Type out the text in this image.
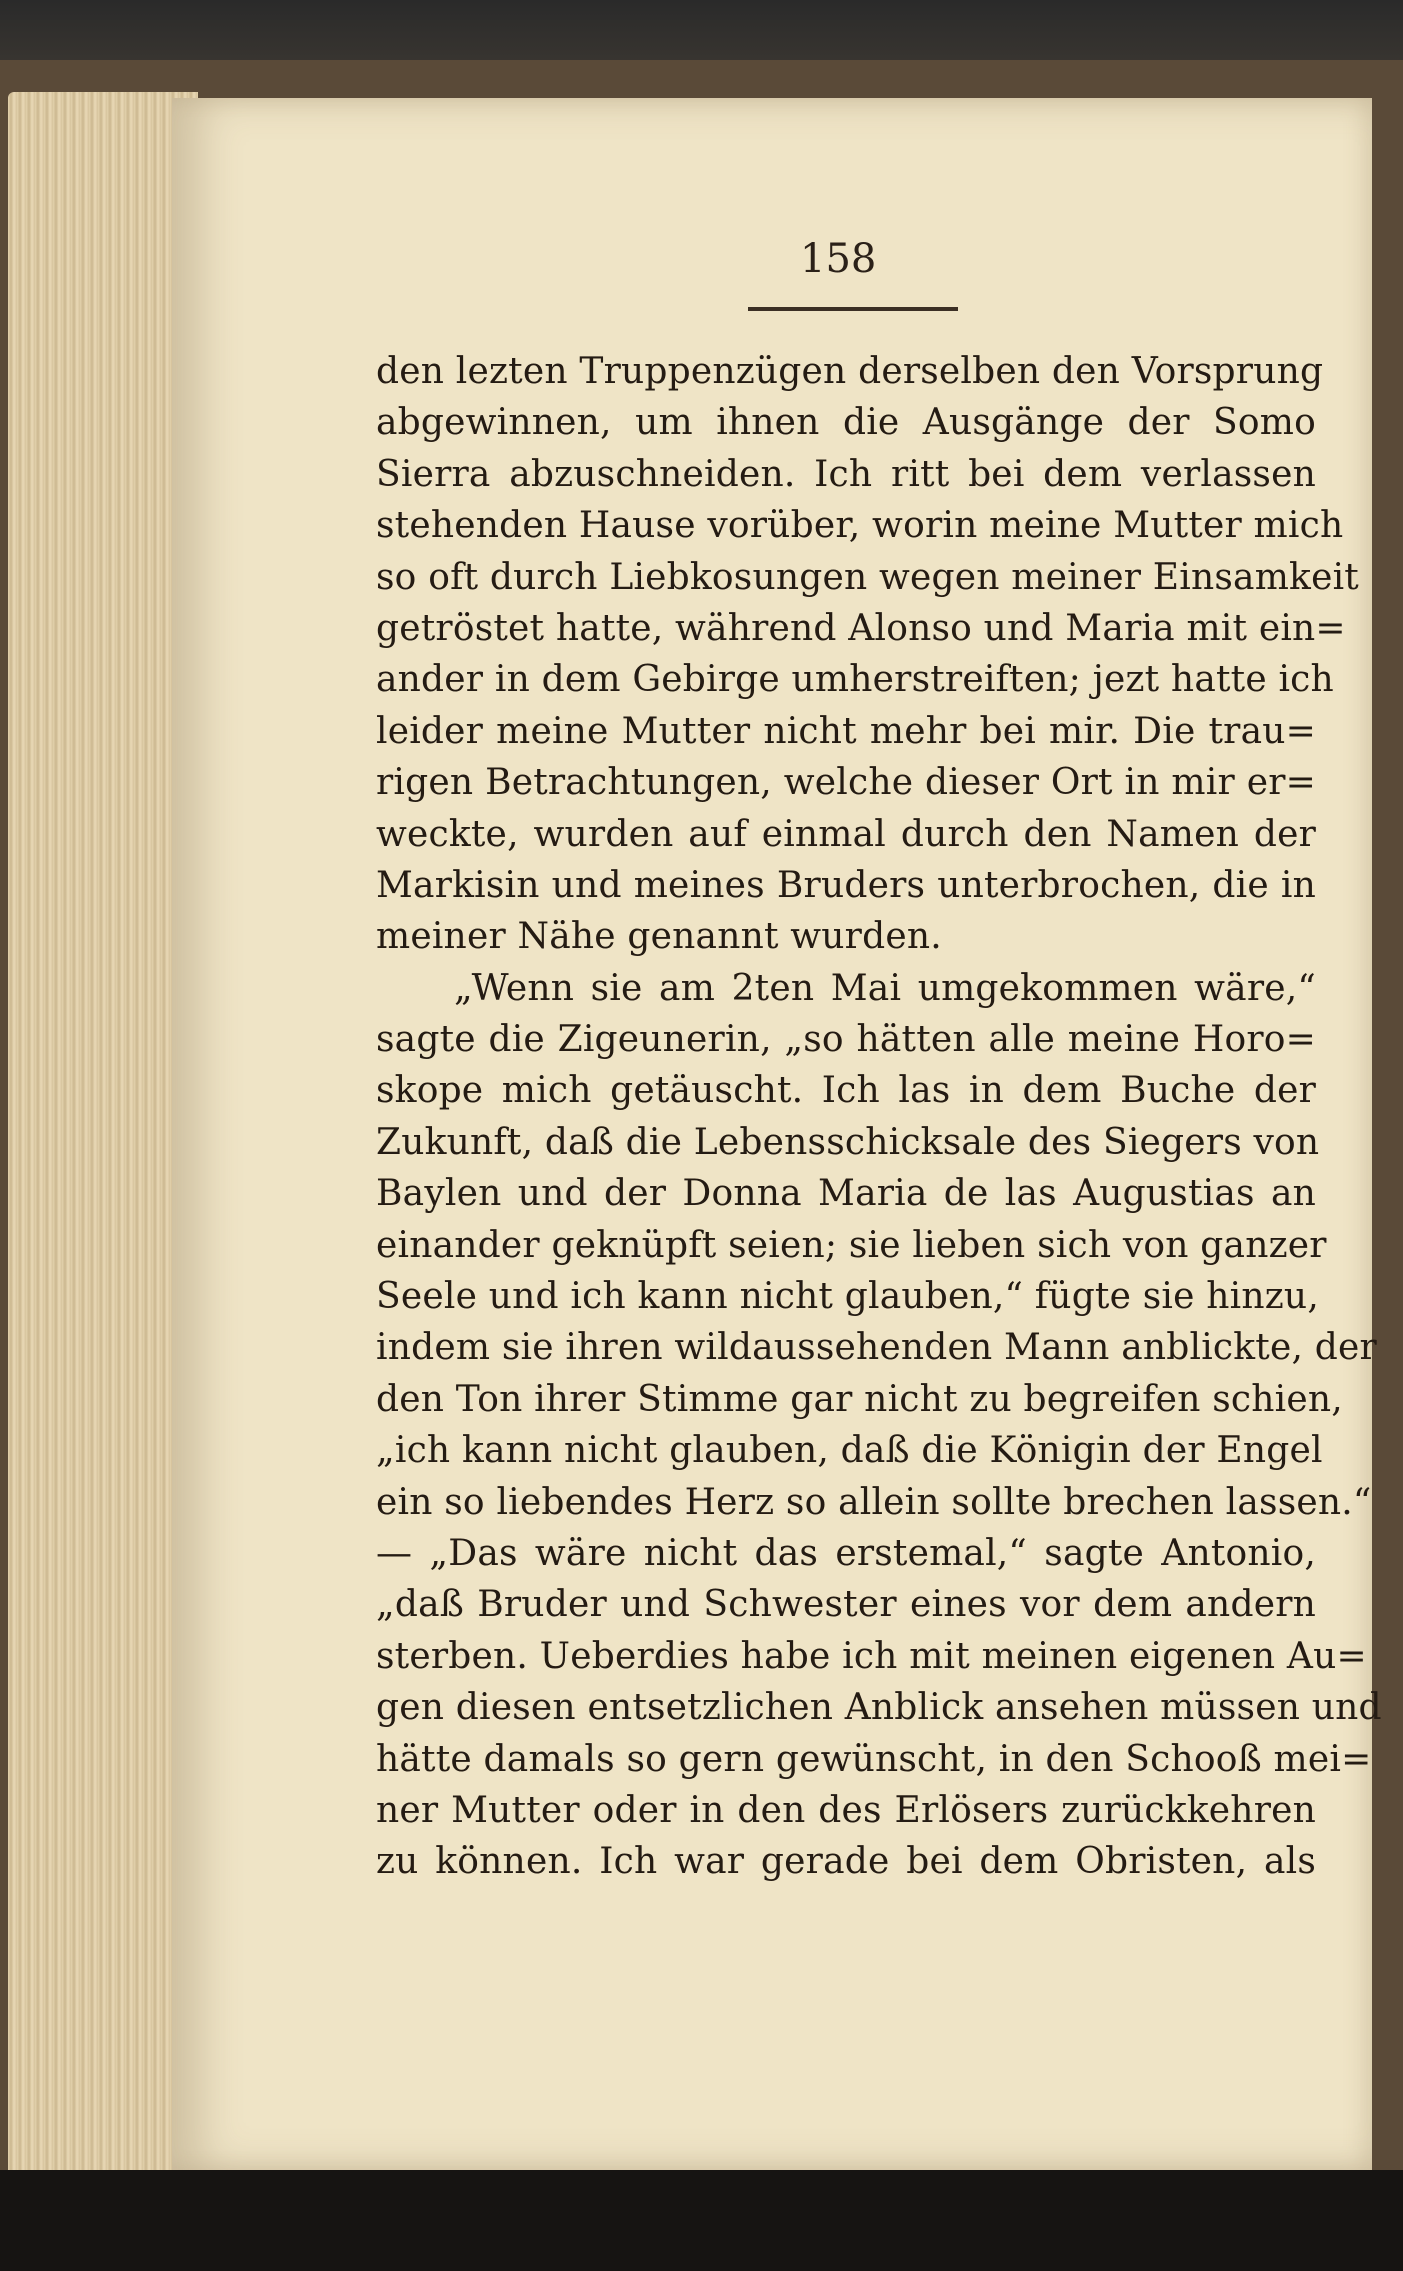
158

den lezten Truppenzügen derselben den Vorsprung
abgewinnen, um ihnen die Ausgänge der Somo
Sierra abzuschneiden. Ich ritt bei dem verlassen
stehenden Hause vorüber, worin meine Mutter mich
so oft durch Liebkosungen wegen meiner Einsamkeit
getröstet hatte, während Alonso und Maria mit ein=
ander in dem Gebirge umherstreiften; jezt hatte ich
leider meine Mutter nicht mehr bei mir. Die trau=
rigen Betrachtungen, welche dieser Ort in mir er=
weckte, wurden auf einmal durch den Namen der
Markisin und meines Bruders unterbrochen, die in
meiner Nähe genannt wurden.
„Wenn sie am 2ten Mai umgekommen wäre,“
sagte die Zigeunerin, „so hätten alle meine Horo=
skope mich getäuscht. Ich las in dem Buche der
Zukunft, daß die Lebensschicksale des Siegers von
Baylen und der Donna Maria de las Augustias an
einander geknüpft seien; sie lieben sich von ganzer
Seele und ich kann nicht glauben,“ fügte sie hinzu,
indem sie ihren wildaussehenden Mann anblickte, der
den Ton ihrer Stimme gar nicht zu begreifen schien,
„ich kann nicht glauben, daß die Königin der Engel
ein so liebendes Herz so allein sollte brechen lassen.“
— „Das wäre nicht das erstemal,“ sagte Antonio,
„daß Bruder und Schwester eines vor dem andern
sterben. Ueberdies habe ich mit meinen eigenen Au=
gen diesen entsetzlichen Anblick ansehen müssen und
hätte damals so gern gewünscht, in den Schooß mei=
ner Mutter oder in den des Erlösers zurückkehren
zu können. Ich war gerade bei dem Obristen, als
